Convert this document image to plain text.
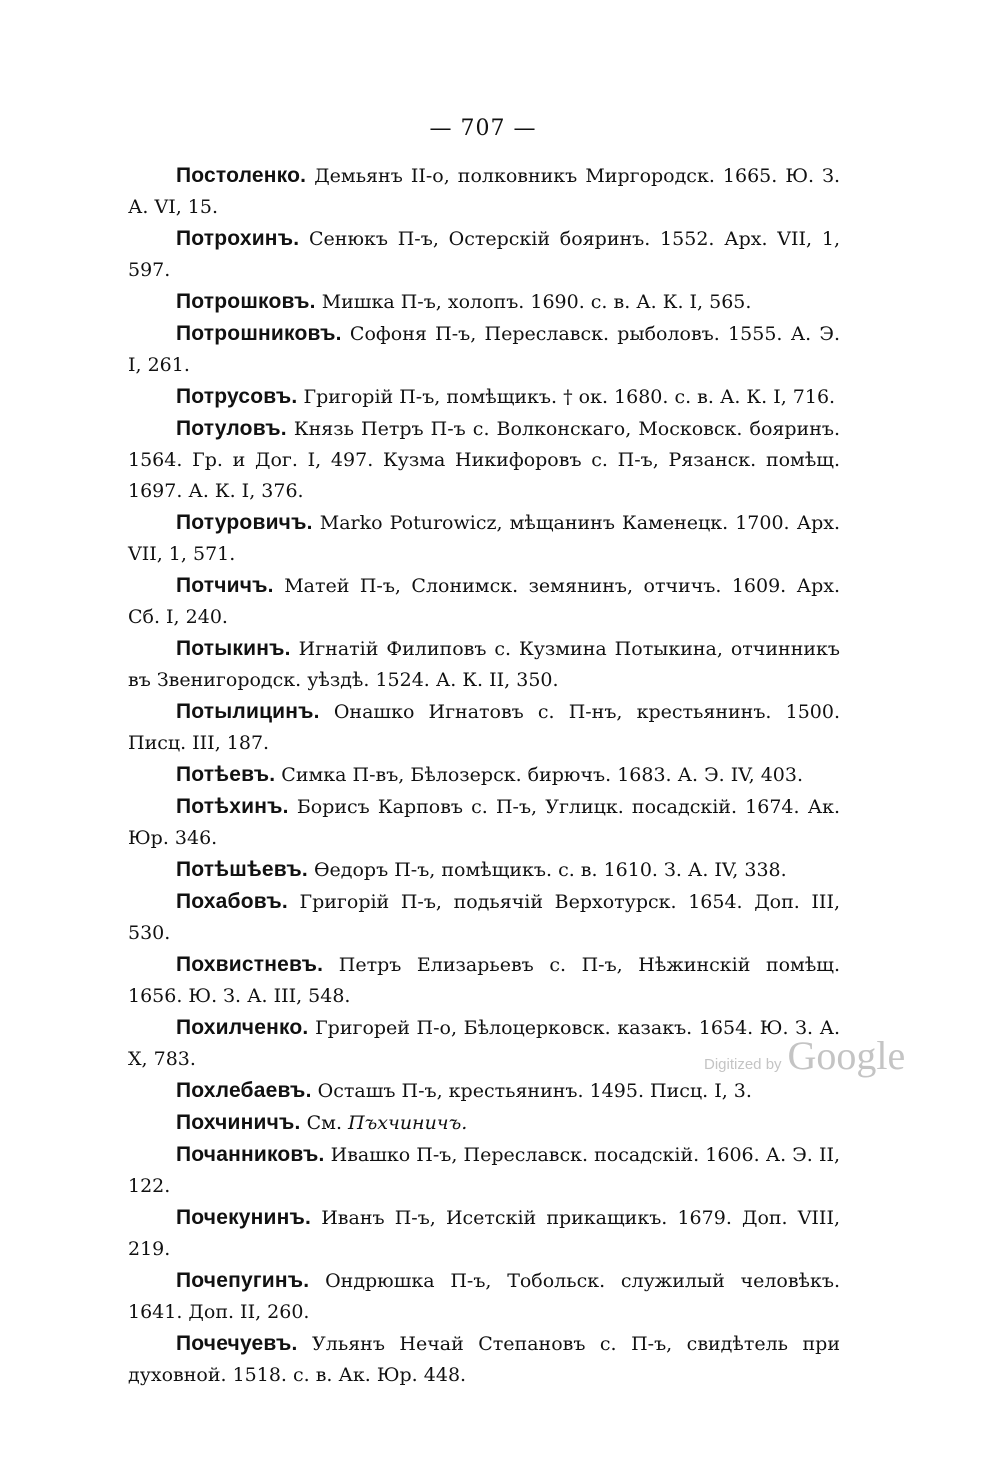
— 707 —

Постоленко. Демьянъ II-о, полковникъ Миргородск. 1665. Ю. З. А. VI, 15.

Потрохинъ. Сенюкъ П-ъ, Остерскій бояринъ. 1552. Арх. VII, 1, 597.

Потрошковъ. Мишка П-ъ, холопъ. 1690. с. в. А. К. I, 565.

Потрошниковъ. Софоня П-ъ, Переславск. рыболовъ. 1555. А. Э. I, 261.

Потрусовъ. Григорій П-ъ, помѣщикъ. † ок. 1680. с. в. А. К. I, 716.

Потуловъ. Князь Петръ П-ъ с. Волконскаго, Московск. бояринъ. 1564. Гр. и Дог. I, 497. Кузма Никифоровъ с. П-ъ, Рязанск. помѣщ. 1697. А. К. I, 376.

Потуровичъ. Marko Poturowicz, мѣщанинъ Каменецк. 1700. Арх. VII, 1, 571.

Потчичъ. Матей П-ъ, Слонимск. земянинъ, отчичъ. 1609. Арх. Сб. I, 240.

Потыкинъ. Игнатій Филиповъ с. Кузмина Потыкина, отчинникъ въ Звенигородск. уѣздѣ. 1524. А. К. II, 350.

Потылицинъ. Онашко Игнатовъ с. П-нъ, крестьянинъ. 1500. Писц. III, 187.

Потѣевъ. Симка П-въ, Бѣлозерск. бирючъ. 1683. А. Э. IV, 403.

Потѣхинъ. Борисъ Карповъ с. П-ъ, Углицк. посадскій. 1674. Ак. Юр. 346.

Потѣшѣевъ. Ѳедоръ П-ъ, помѣщикъ. с. в. 1610. З. А. IV, 338.

Похабовъ. Григорій П-ъ, подьячій Верхотурск. 1654. Доп. III, 530.

Похвистневъ. Петръ Елизарьевъ с. П-ъ, Нѣжинскій помѣщ. 1656. Ю. З. А. III, 548.

Похилченко. Григорей П-о, Бѣлоцерковск. казакъ. 1654. Ю. З. А. X, 783.

Похлебаевъ. Осташъ П-ъ, крестьянинъ. 1495. Писц. I, 3.

Похчиничъ. См. Пъхчиничъ.

Почанниковъ. Ивашко П-ъ, Переславск. посадскій. 1606. А. Э. II, 122.

Почекунинъ. Иванъ П-ъ, Исетскій прикащикъ. 1679. Доп. VIII, 219.

Почепугинъ. Ондрюшка П-ъ, Тобольск. служилый человѣкъ. 1641. Доп. II, 260.

Почечуевъ. Ульянъ Нечай Степановъ с. П-ъ, свидѣтель при духовной. 1518. с. в. Ак. Юр. 448.

Digitized by Google
